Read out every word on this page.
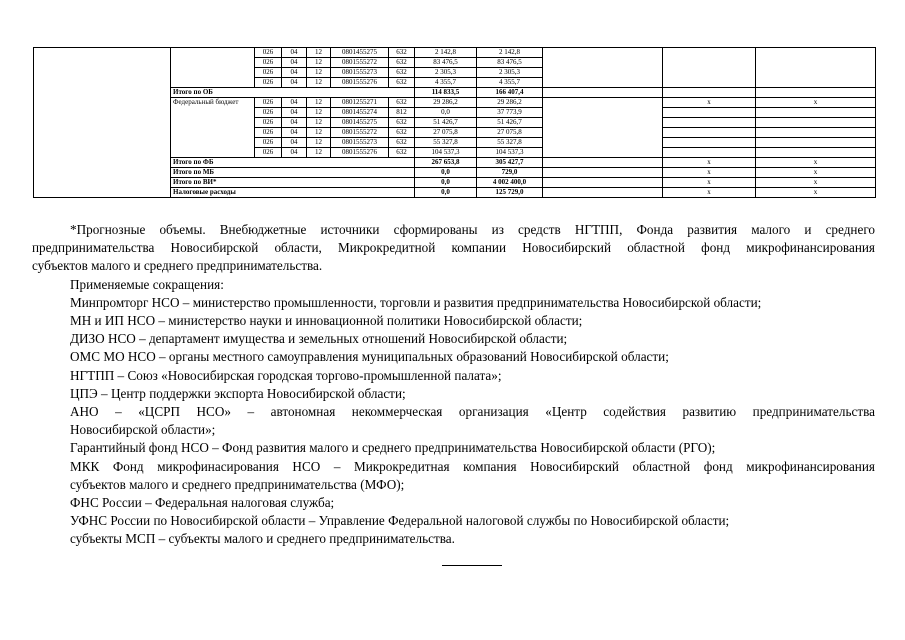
		026	04	12	0801455275	632	2 142,8	2 142,8			
		026	04	12	0801555272	632	83 476,5	83 476,5			
		026	04	12	0801555273	632	2 305,3	2 305,3			
		026	04	12	0801555276	632	4 355,7	4 355,7			
	Итого по ОБ						114 833,5	166 407,4			
	Федеральный бюджет	026	04	12	0801255271	632	29 286,2	29 286,2		х	х
		026	04	12	0801455274	812	0,0	37 773,9			
		026	04	12	0801455275	632	51 426,7	51 426,7			
		026	04	12	0801555272	632	27 075,8	27 075,8			
		026	04	12	0801555273	632	55 327,8	55 327,8			
		026	04	12	0801555276	632	104 537,3	104 537,3			
	Итого по ФБ						267 653,8	305 427,7		х	х
	Итого по МБ						0,0	729,0		х	х
	Итого по ВИ*						0,0	4 002 400,0		х	х
	Налоговые расходы						0,0	125 729,0		х	х

*Прогнозные объемы. Внебюджетные источники сформированы из средств НГТПП, Фонда развития малого и среднего

предпринимательства Новосибирской области, Микрокредитной компании Новосибирский областной фонд микрофинансирования

субъектов малого и среднего предпринимательства.

Применяемые сокращения:

Минпромторг НСО – министерство промышленности, торговли и развития предпринимательства Новосибирской области;

МН и ИП НСО – министерство науки и инновационной политики Новосибирской области;

ДИЗО НСО – департамент имущества и земельных отношений Новосибирской области;

ОМС МО НСО – органы местного самоуправления муниципальных образований Новосибирской области;

НГТПП – Союз «Новосибирская городская торгово-промышленной палата»;

ЦПЭ – Центр поддержки экспорта Новосибирской области;

АНО – «ЦСРП НСО» – автономная некоммерческая организация «Центр содействия развитию предпринимательства

Новосибирской области»;

Гарантийный фонд НСО – Фонд развития малого и среднего предпринимательства Новосибирской области (РГО);

МКК Фонд микрофинасирования НСО – Микрокредитная компания Новосибирский областной фонд микрофинансирования

субъектов малого и среднего предпринимательства (МФО);

ФНС России – Федеральная налоговая служба;

УФНС России по Новосибирской области – Управление Федеральной налоговой службы по Новосибирской области;

субъекты МСП – субъекты малого и среднего предпринимательства.
